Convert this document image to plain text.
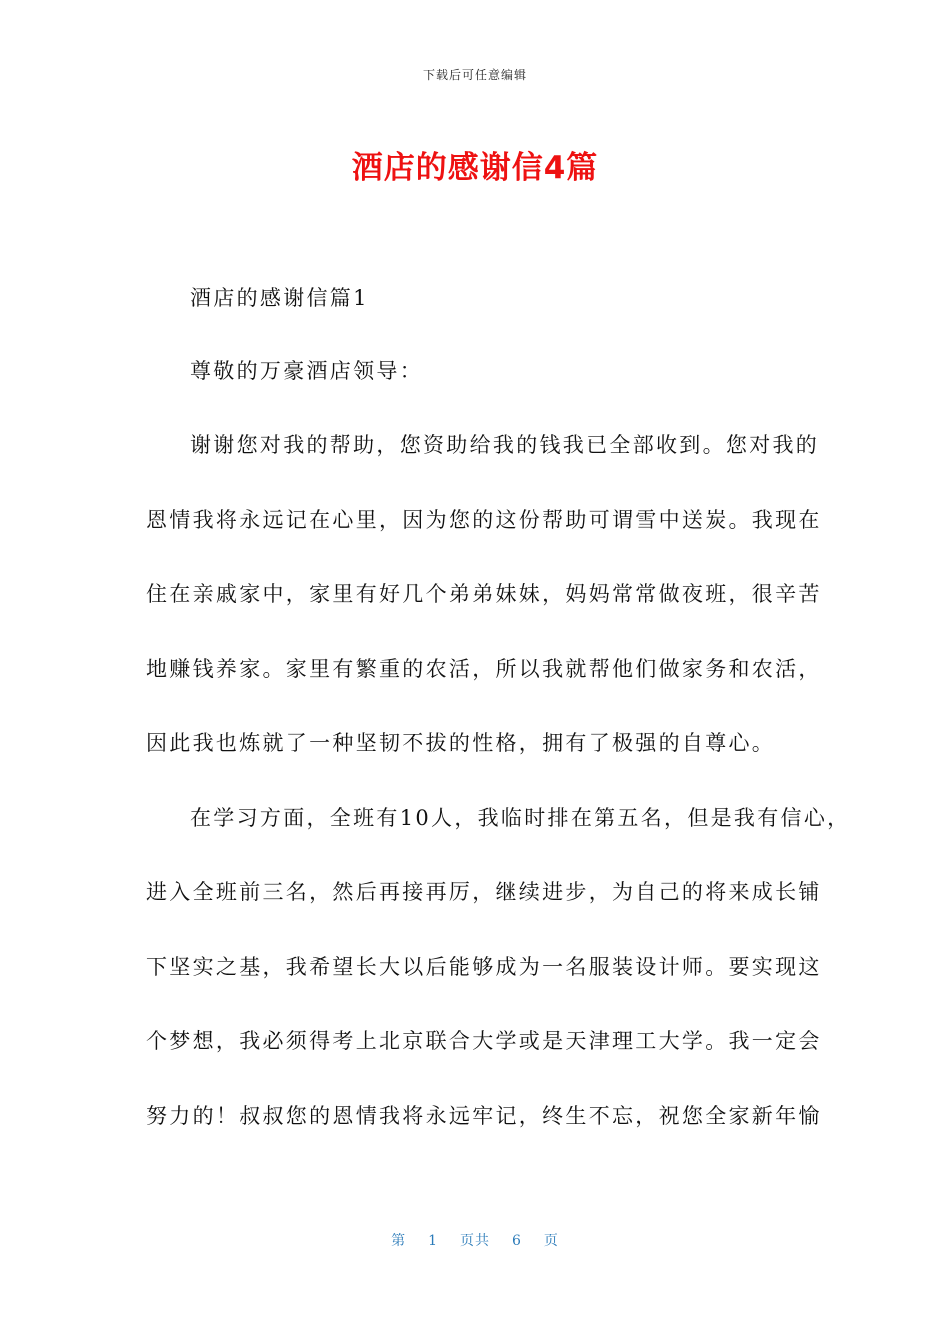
下载后可任意编辑
酒店的感谢信4篇
酒店的感谢信篇1
尊敬的万豪酒店领导：
谢谢您对我的帮助，您资助给我的钱我已全部收到。您对我的
恩情我将永远记在心里，因为您的这份帮助可谓雪中送炭。我现在
住在亲戚家中，家里有好几个弟弟妹妹，妈妈常常做夜班，很辛苦
地赚钱养家。家里有繁重的农活，所以我就帮他们做家务和农活，
因此我也炼就了一种坚韧不拔的性格，拥有了极强的自尊心。
在学习方面，全班有10人，我临时排在第五名，但是我有信心，
进入全班前三名，然后再接再厉，继续进步，为自己的将来成长铺
下坚实之基，我希望长大以后能够成为一名服装设计师。要实现这
个梦想，我必须得考上北京联合大学或是天津理工大学。我一定会
努力的！叔叔您的恩情我将永远牢记，终生不忘，祝您全家新年愉
第 1 页共 6 页
